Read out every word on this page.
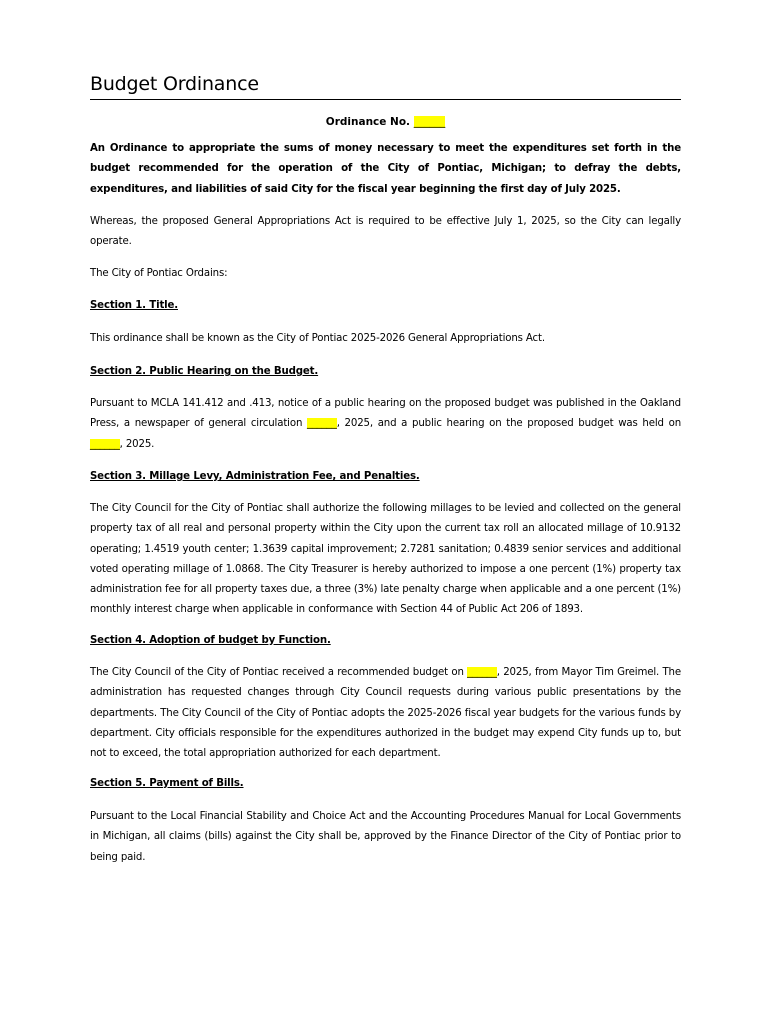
Budget Ordinance
Ordinance No. ______
An Ordinance to appropriate the sums of money necessary to meet the expenditures set forth in the budget recommended for the operation of the City of Pontiac, Michigan; to defray the debts, expenditures, and liabilities of said City for the fiscal year beginning the first day of July 2025.
Whereas, the proposed General Appropriations Act is required to be effective July 1, 2025, so the City can legally operate.
The City of Pontiac Ordains:
Section 1. Title.
This ordinance shall be known as the City of Pontiac 2025-2026 General Appropriations Act.
Section 2. Public Hearing on the Budget.
Pursuant to MCLA 141.412 and .413, notice of a public hearing on the proposed budget was published in the Oakland Press, a newspaper of general circulation ______, 2025, and a public hearing on the proposed budget was held on ______, 2025.
Section 3. Millage Levy, Administration Fee, and Penalties.
The City Council for the City of Pontiac shall authorize the following millages to be levied and collected on the general property tax of all real and personal property within the City upon the current tax roll an allocated millage of 10.9132 operating; 1.4519 youth center; 1.3639 capital improvement; 2.7281 sanitation; 0.4839 senior services and additional voted operating millage of 1.0868. The City Treasurer is hereby authorized to impose a one percent (1%) property tax administration fee for all property taxes due, a three (3%) late penalty charge when applicable and a one percent (1%) monthly interest charge when applicable in conformance with Section 44 of Public Act 206 of 1893.
Section 4. Adoption of budget by Function.
The City Council of the City of Pontiac received a recommended budget on ______, 2025, from Mayor Tim Greimel. The administration has requested changes through City Council requests during various public presentations by the departments. The City Council of the City of Pontiac adopts the 2025-2026 fiscal year budgets for the various funds by department. City officials responsible for the expenditures authorized in the budget may expend City funds up to, but not to exceed, the total appropriation authorized for each department.
Section 5. Payment of Bills.
Pursuant to the Local Financial Stability and Choice Act and the Accounting Procedures Manual for Local Governments in Michigan, all claims (bills) against the City shall be, approved by the Finance Director of the City of Pontiac prior to being paid.
